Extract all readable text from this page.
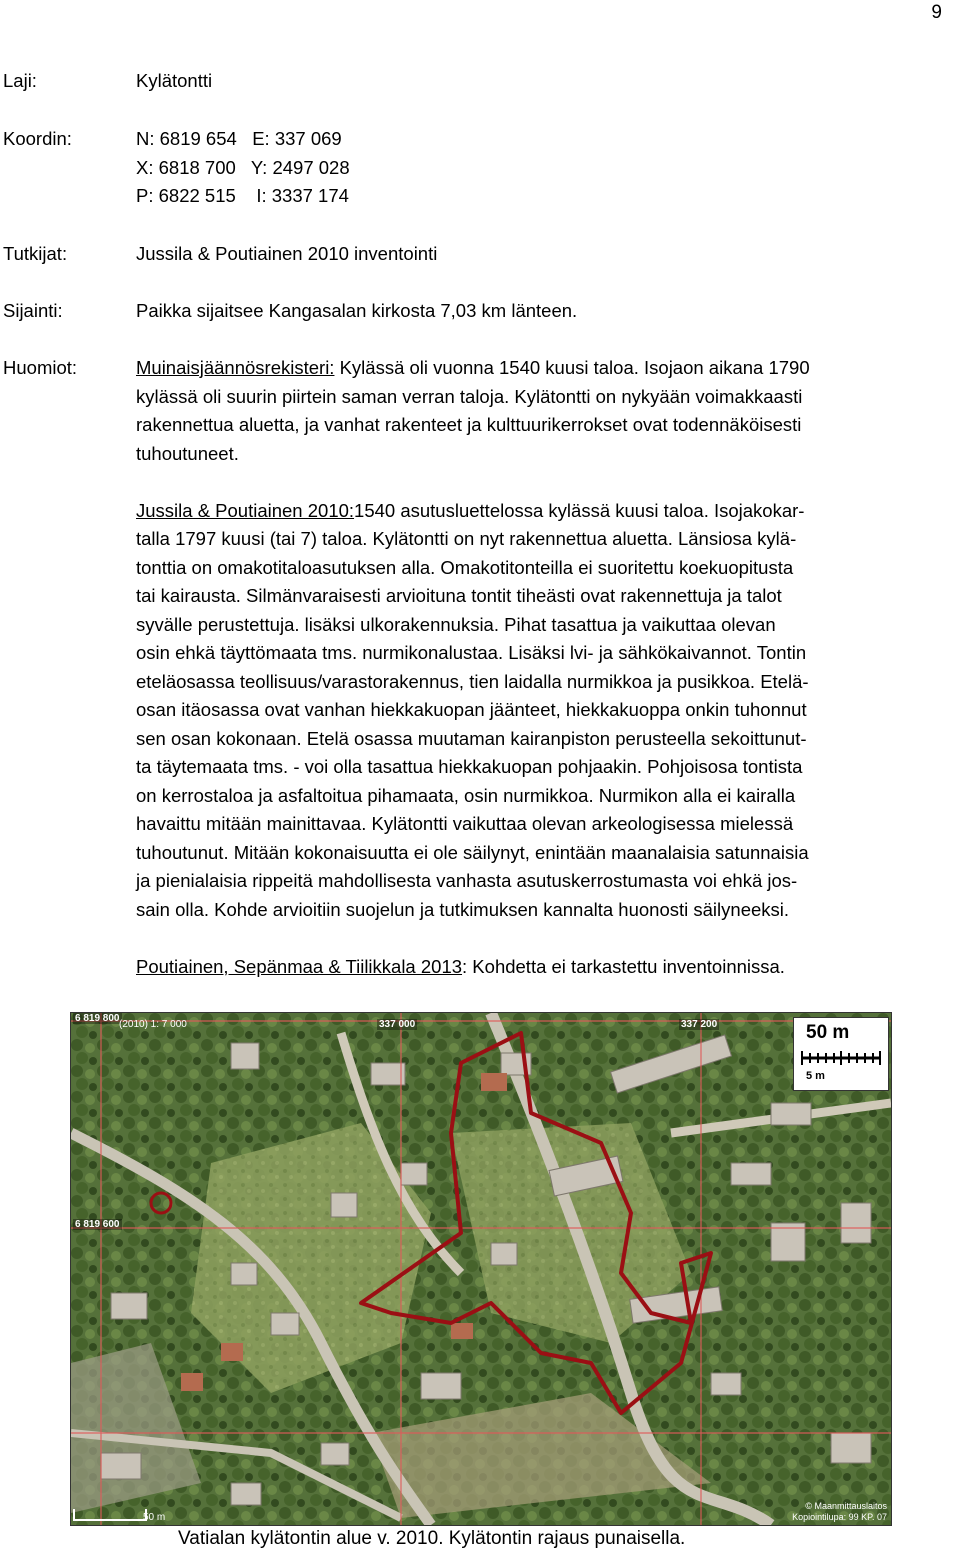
9
Laji:	Kylätontti
Koordin:	N: 6819 654   E: 337 069

X: 6818 700   Y: 2497 028

P: 6822 515    I: 3337 174

Tutkijat:	Jussila & Poutiainen 2010 inventointi
Sijainti:	Paikka sijaitsee Kangasalan kirkosta 7,03 km länteen.
Huomiot:	Muinaisjäännösrekisteri: Kylässä oli vuonna 1540 kuusi taloa. Isojaon aikana 1790

kylässä oli suurin piirtein saman verran taloja. Kylätontti on nykyään voimakkaasti

rakennettua aluetta, ja vanhat rakenteet ja kulttuurikerrokset ovat todennäköisesti

tuhoutuneet.

Jussila & Poutiainen 2010:1540 asutusluettelossa kylässä kuusi taloa. Isojakokar-

talla 1797 kuusi (tai 7) taloa. Kylätontti on nyt rakennettua aluetta. Länsiosa kylä-

tonttia on omakotitaloasutuksen alla. Omakotitonteilla ei suoritettu koekuopitusta

tai kairausta. Silmänvaraisesti arvioituna tontit tiheästi ovat rakennettuja ja talot

syvälle perustettuja. lisäksi ulkorakennuksia. Pihat tasattua ja vaikuttaa olevan

osin ehkä täyttömaata tms. nurmikonalustaa. Lisäksi lvi- ja sähkökaivannot. Tontin

eteläosassa teollisuus/varastorakennus, tien laidalla nurmikkoa ja pusikkoa. Etelä-

osan itäosassa ovat vanhan hiekkakuopan jäänteet, hiekkakuoppa onkin tuhonnut

sen osan kokonaan. Etelä osassa muutaman kairanpiston perusteella sekoittunut-

ta täytemaata tms. - voi olla tasattua hiekkakuopan pohjaakin. Pohjoisosa tontista

on kerrostaloa ja asfaltoitua pihamaata, osin nurmikkoa. Nurmikon alla ei kairalla

havaittu mitään mainittavaa. Kylätontti vaikuttaa olevan arkeologisessa mielessä

tuhoutunut. Mitään kokonaisuutta ei ole säilynyt, enintään maanalaisia satunnaisia

ja pienialaisia rippeitä mahdollisesta vanhasta asutuskerrostumasta voi ehkä jos-

sain olla. Kohde arvioitiin suojelun ja tutkimuksen kannalta huonosti säilyneeksi.

Poutiainen, Sepänmaa & Tiilikkala 2013: Kohdetta ei tarkastettu inventoinnissa.

6 819 800
(2010) 1: 7 000	337 000	337 200
6 819 600
50 m
5 m
50 m
© Maanmittauslaitos
Kopiointilupa: 99 KP. 07
Vatialan kylätontin alue v. 2010. Kylätontin rajaus punaisella.
